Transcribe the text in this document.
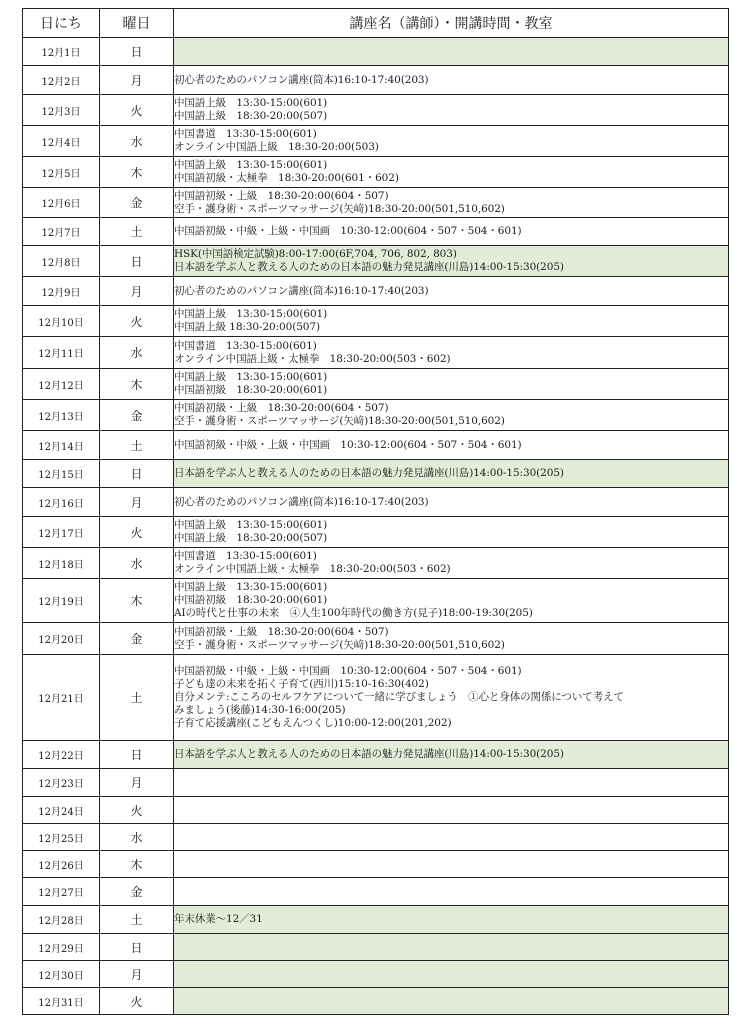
日にち	曜日	講座名（講師）・開講時間・教室
12月1日	日	
12月2日	月	初心者のためのパソコン講座(筒本)16:10-17:40(203)

12月3日	火	中国語上級　13:30-15:00(601)
中国語上級　18:30-20:00(507)

12月4日	水	中国書道　13:30-15:00(601)
オンライン中国語上級　18:30-20:00(503)

12月5日	木	中国語上級　13:30-15:00(601)
中国語初級・太極拳　18:30-20:00(601・602)

12月6日	金	中国語初級・上級　18:30-20:00(604・507)
空手・護身術・スポーツマッサージ(矢﨑)18:30-20:00(501,510,602)

12月7日	土	中国語初級・中級・上級・中国画　10:30-12:00(604・507・504・601)

12月8日	日	HSK(中国語検定試験)8:00-17:00(6F,704, 706, 802, 803)
日本語を学ぶ人と教える人のための日本語の魅力発見講座(川島)14:00-15:30(205)

12月9日	月	初心者のためのパソコン講座(筒本)16:10-17:40(203)

12月10日	火	中国語上級　13:30-15:00(601)
中国語上級 18:30-20:00(507)

12月11日	水	中国書道　13:30-15:00(601)
オンライン中国語上級・太極拳　18:30-20:00(503・602)

12月12日	木	中国語上級　13:30-15:00(601)
中国語初級　18:30-20:00(601)

12月13日	金	中国語初級・上級　18:30-20:00(604・507)
空手・護身術・スポーツマッサージ(矢﨑)18:30-20:00(501,510,602)

12月14日	土	中国語初級・中級・上級・中国画　10:30-12:00(604・507・504・601)

12月15日	日	日本語を学ぶ人と教える人のための日本語の魅力発見講座(川島)14:00-15:30(205)

12月16日	月	初心者のためのパソコン講座(筒本)16:10-17:40(203)

12月17日	火	中国語上級　13:30-15:00(601)
中国語上級　18:30-20:00(507)

12月18日	水	中国書道　13:30-15:00(601)
オンライン中国語上級・太極拳　18:30-20:00(503・602)

12月19日	木	中国語上級　13:30-15:00(601)
中国語初級　18:30-20:00(601)
AIの時代と仕事の未来　④人生100年時代の働き方(見子)18:00-19:30(205)

12月20日	金	中国語初級・上級　18:30-20:00(604・507)
空手・護身術・スポーツマッサージ(矢﨑)18:30-20:00(501,510,602)

12月21日	土	中国語初級・中級・上級・中国画　10:30-12:00(604・507・504・601)
子ども達の未来を拓く子育て(西川)15:10-16:30(402)
自分メンテ:こころのセルフケアについて一緒に学びましょう　①心と身体の関係について考えて
みましょう(後藤)14:30-16:00(205)
子育て応援講座(こどもえんつくし)10:00-12:00(201,202)

12月22日	日	日本語を学ぶ人と教える人のための日本語の魅力発見講座(川島)14:00-15:30(205)

12月23日	月	
12月24日	火	
12月25日	水	
12月26日	木	
12月27日	金	
12月28日	土	年末休業～12／31

12月29日	日	
12月30日	月	
12月31日	火	
